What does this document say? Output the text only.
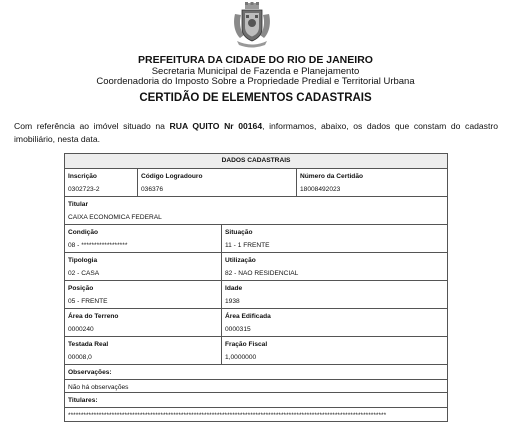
PREFEITURA DA CIDADE DO RIO DE JANEIRO
Secretaria Municipal de Fazenda e Planejamento
Coordenadoria do Imposto Sobre a Propriedade Predial e Territorial Urbana
CERTIDÃO DE ELEMENTOS CADASTRAIS
Com referência ao imóvel situado na RUA QUITO Nr 00164, informamos, abaixo, os dados que constam do cadastro imobiliário, nesta data.
DADOS CADASTRAIS
Inscrição
0302723-2
Código Logradouro
036376
Número da Certidão
18008492023
Titular
CAIXA ECONOMICA FEDERAL
Condição
08 - ******************
Situação
11 - 1 FRENTE
Tipologia
02 - CASA
Utilização
82 - NAO RESIDENCIAL
Posição
05 - FRENTE
Idade
1938
Área do Terreno
0000240
Área Edificada
0000315
Testada Real
00008,0
Fração Fiscal
1,0000000
Observações:
Não há observações
Titulares:
****************************************************************************************************************************
